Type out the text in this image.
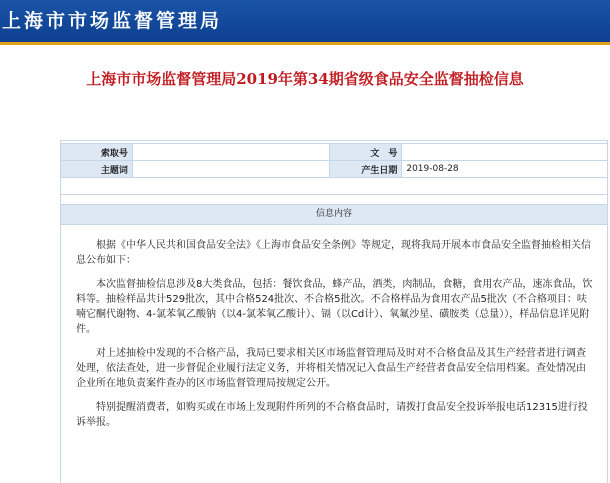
上海市市场监督管理局
上海市市场监督管理局2019年第34期省级食品安全监督抽检信息
索取号		文　号	
主题词		产生日期	2019-08-28

信息内容

根据《中华人民共和国食品安全法》《上海市食品安全条例》等规定，现将我局开展本市食品安全监督抽检相关信息公布如下：

本次监督抽检信息涉及8大类食品，包括：餐饮食品，蜂产品，酒类，肉制品，食糖，食用农产品，速冻食品，饮料等。抽检样品共计529批次，其中合格524批次、不合格5批次。不合格样品为食用农产品5批次（不合格项目：呋喃它酮代谢物、4-氯苯氧乙酸钠（以4-氯苯氧乙酸计）、镉（以Cd计）、氧氟沙星、磺胺类（总量）），样品信息详见附件。

对上述抽检中发现的不合格产品，我局已要求相关区市场监督管理局及时对不合格食品及其生产经营者进行调查处理，依法查处，进一步督促企业履行法定义务，并将相关情况记入食品生产经营者食品安全信用档案。查处情况由企业所在地负责案件查办的区市场监督管理局按规定公开。

特别提醒消费者，如购买或在市场上发现附件所列的不合格食品时，请拨打食品安全投诉举报电话12315进行投诉举报。
